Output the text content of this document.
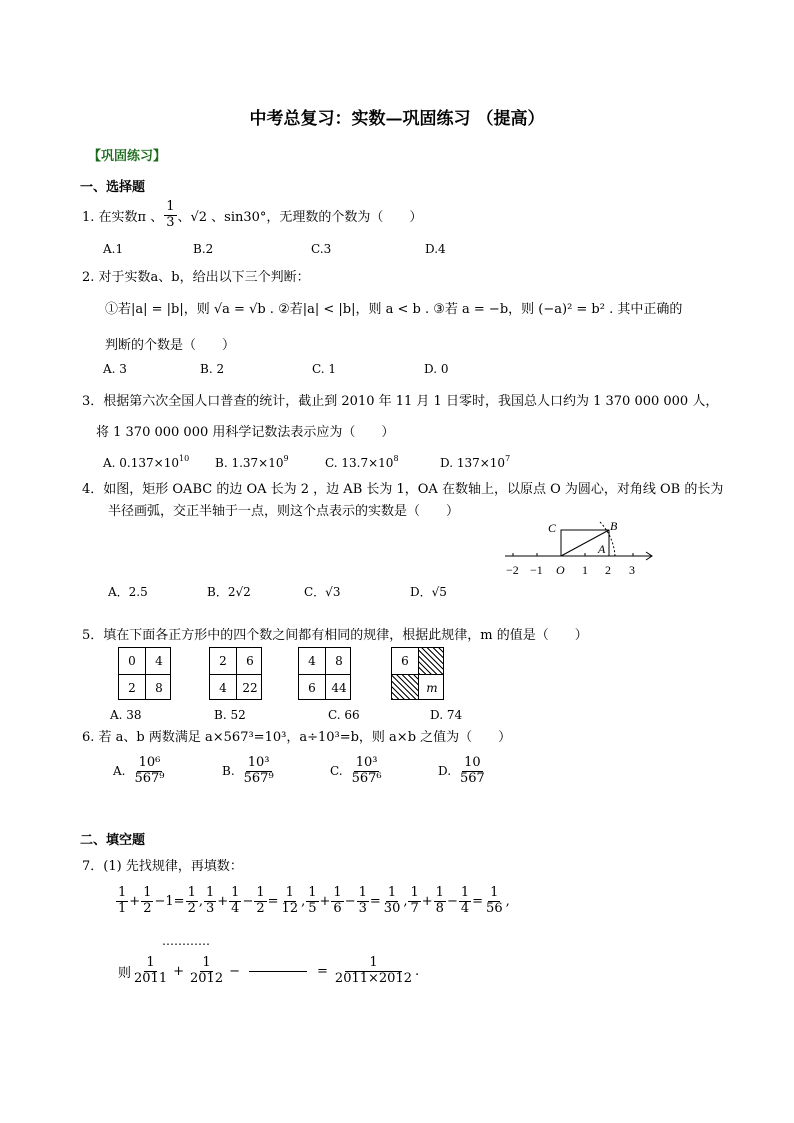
中考总复习：实数—巩固练习 （提高）
【巩固练习】
一、选择题
1. 在实数π 、 $\frac{1}{3}$ 、√2 、sin30°，无理数的个数为（　　）
A.1	B.2	C.3	D.4
2. 对于实数a、b，给出以下三个判断：
①若|a| = |b|，则 √a = √b . ②若|a| < |b|，则 a < b . ③若 a = −b，则 (−a)² = b² . 其中正确的
判断的个数是（　　）
A. 3	B. 2	C. 1	D. 0
3．根据第六次全国人口普查的统计，截止到 2010 年 11 月 1 日零时，我国总人口约为 1 370 000 000 人，
将 1 370 000 000 用科学记数法表示应为（　　）
A. $0.137\times 10^{10}$ B. $1.37\times 10^9$	C. $13.7\times 10^8$	D. $137\times 10^7$
4．如图，矩形 OABC 的边 OA 长为 2 ，边 AB 长为 1，OA 在数轴上，以原点 O 为圆心，对角线 OB 的长为
半径画弧，交正半轴于一点，则这个点表示的实数是（　　）
C	B
A
−2 −1 O 1 2 3
A．2.5	B．2√2	C．√3	D．√5
5．填在下面各正方形中的四个数之间都有相同的规律，根据此规律，m 的值是（　　）
0	4
2	8
2	6
4	22
4	8
6	44
6
m
A. 38	B. 52	C. 66	D. 74
6. 若 a、b 两数满足 a×567³=10³，a÷10³=b，则 a×b 之值为（　　）
A. $\frac{\text{10⁶}}{\text{567⁹}}$	B. $\frac{\text{10³}}{\text{567⁹}}$	C. $\frac{\text{10³}}{\text{567⁶}}$	D. $\frac{10}{567}$
二、填空题
7．(1) 先找规律，再填数：
$\frac{1}{1} + \frac{1}{2} - 1 = \frac{1}{2}$ , $\frac{1}{3} + \frac{1}{4} - \frac{1}{2} = \frac{1}{12}$ , $\frac{1}{5} + \frac{1}{6} - \frac{1}{3} = \frac{1}{30}$ , $\frac{1}{7} + \frac{1}{8} - \frac{1}{4} = \frac{1}{56}$ ,
…………
则 $\frac{1}{2011} + \frac{1}{2012}$ −	= $\frac{1}{2011\times 2012}$ .
